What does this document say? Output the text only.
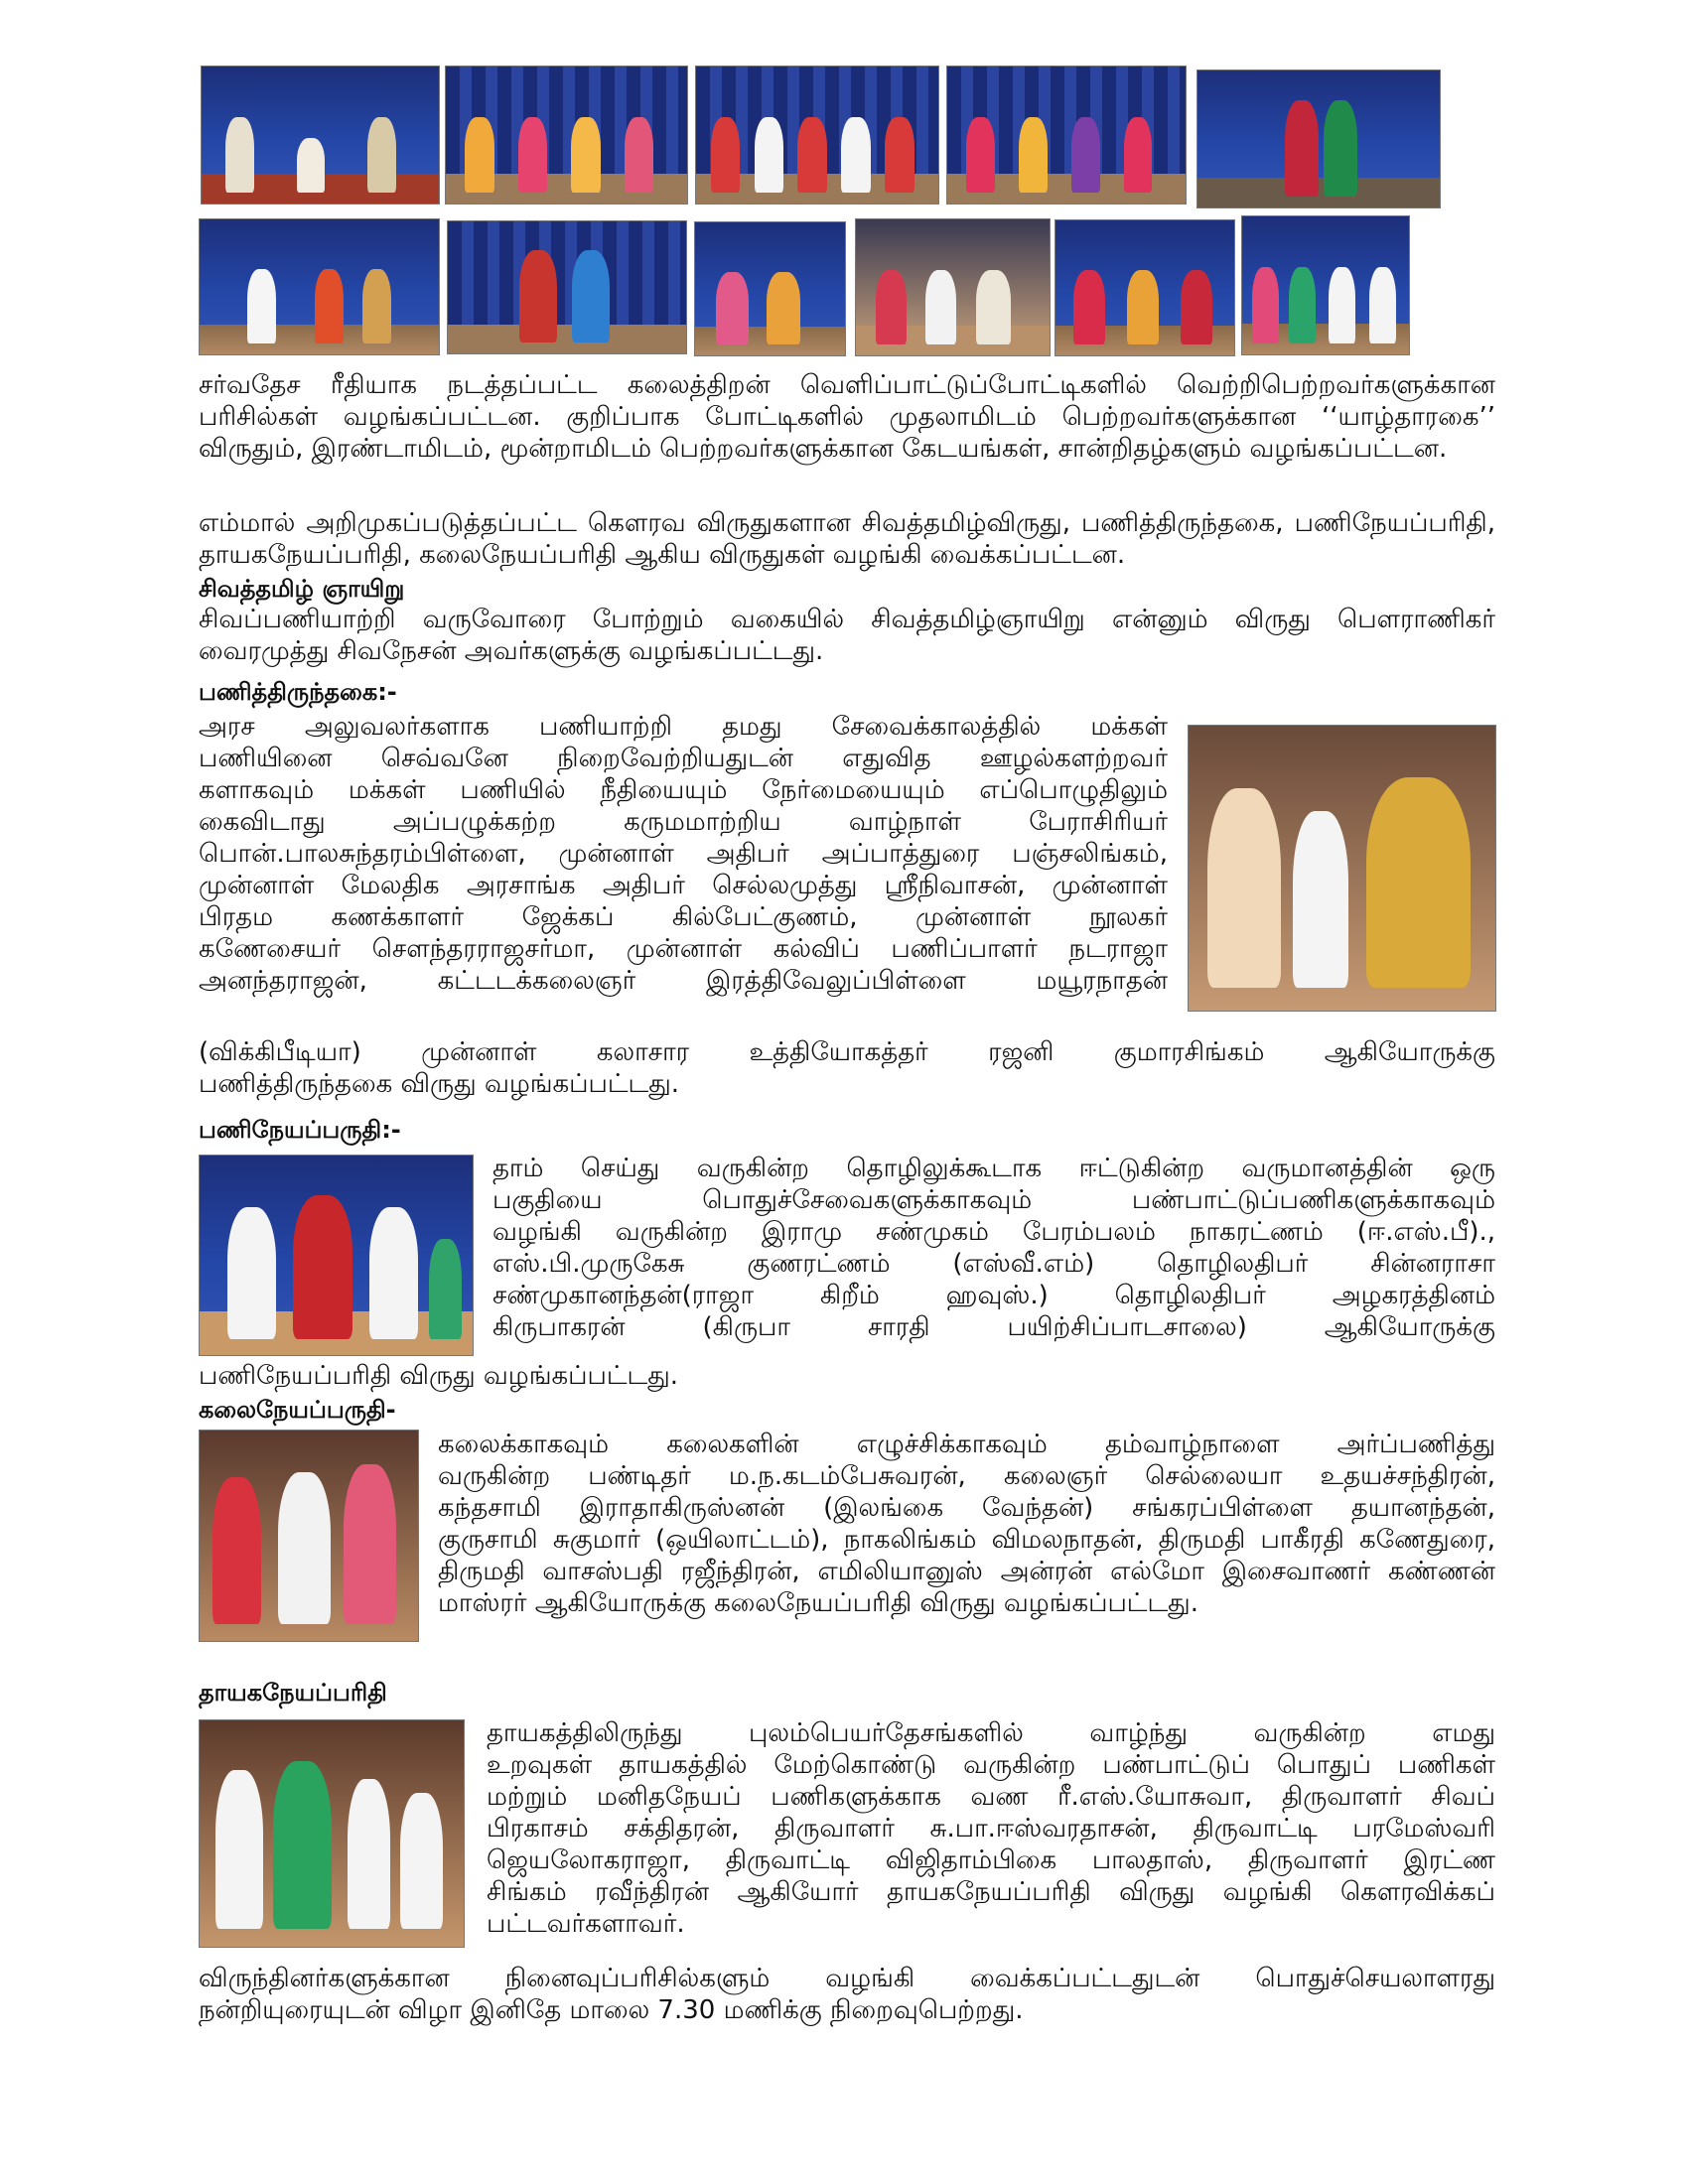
சர்வதேச ரீதியாக நடத்தப்பட்ட கலைத்திறன் வெளிப்பாட்டுப்போட்டிகளில் வெற்றிபெற்றவர்களுக்கான
பரிசில்கள் வழங்கப்பட்டன. குறிப்பாக போட்டிகளில் முதலாமிடம் பெற்றவர்களுக்கான ‘‘யாழ்தாரகை’’
விருதும், இரண்டாமிடம், மூன்றாமிடம் பெற்றவர்களுக்கான கேடயங்கள், சான்றிதழ்களும் வழங்கப்பட்டன.
எம்மால் அறிமுகப்படுத்தப்பட்ட கௌரவ விருதுகளான சிவத்தமிழ்விருது, பணித்திருந்தகை, பணிநேயப்பரிதி,
தாயகநேயப்பரிதி, கலைநேயப்பரிதி ஆகிய விருதுகள் வழங்கி வைக்கப்பட்டன.
சிவத்தமிழ் ஞாயிறு
சிவப்பணியாற்றி வருவோரை போற்றும் வகையில் சிவத்தமிழ்ஞாயிறு என்னும் விருது பௌராணிகர்
வைரமுத்து சிவநேசன் அவர்களுக்கு வழங்கப்பட்டது.
பணித்திருந்தகை:-
அரச அலுவலர்களாக பணியாற்றி தமது சேவைக்காலத்தில் மக்கள்
பணியினை செவ்வனே நிறைவேற்றியதுடன் எதுவித ஊழல்களற்றவர்
களாகவும் மக்கள் பணியில் நீதியையும் நேர்மையையும் எப்பொழுதிலும்
கைவிடாது அப்பழுக்கற்ற கருமமாற்றிய வாழ்நாள் பேராசிரியர்
பொன்.பாலசுந்தரம்பிள்ளை, முன்னாள் அதிபர் அப்பாத்துரை பஞ்சலிங்கம்,
முன்னாள் மேலதிக அரசாங்க அதிபர் செல்லமுத்து ஸ்ரீநிவாசன், முன்னாள்
பிரதம கணக்காளர் ஜேக்கப் கில்பேட்குணம், முன்னாள் நூலகர்
கணேசையர் சௌந்தரராஜசர்மா, முன்னாள் கல்விப் பணிப்பாளர் நடராஜா
அனந்தராஜன், கட்டடக்கலைஞர் இரத்திவேலுப்பிள்ளை மயூரநாதன்
(விக்கிபீடியா) முன்னாள் கலாசார உத்தியோகத்தர் ரஜனி குமாரசிங்கம் ஆகியோருக்கு
பணித்திருந்தகை விருது வழங்கப்பட்டது.
பணிநேயப்பருதி:-
தாம் செய்து வருகின்ற தொழிலுக்கூடாக ஈட்டுகின்ற வருமானத்தின் ஒரு
பகுதியை பொதுச்சேவைகளுக்காகவும் பண்பாட்டுப்பணிகளுக்காகவும்
வழங்கி வருகின்ற இராமு சண்முகம் பேரம்பலம் நாகரட்ணம் (ஈ.எஸ்.பீ).,
எஸ்.பி.முருகேசு குணரட்ணம் (எஸ்வீ.எம்) தொழிலதிபர் சின்னராசா
சண்முகானந்தன்(ராஜா கிறீம் ஹவுஸ்.) தொழிலதிபர் அழகரத்தினம்
கிருபாகரன் (கிருபா சாரதி பயிற்சிப்பாடசாலை) ஆகியோருக்கு
பணிநேயப்பரிதி விருது வழங்கப்பட்டது.
கலைநேயப்பருதி-
கலைக்காகவும் கலைகளின் எழுச்சிக்காகவும் தம்வாழ்நாளை அர்ப்பணித்து
வருகின்ற பண்டிதர் ம.ந.கடம்பேசுவரன், கலைஞர் செல்லையா உதயச்சந்திரன்,
கந்தசாமி இராதாகிருஸ்னன் (இலங்கை வேந்தன்) சங்கரப்பிள்ளை தயானந்தன்,
குருசாமி சுகுமார் (ஒயிலாட்டம்), நாகலிங்கம் விமலநாதன், திருமதி பாகீரதி கணேதுரை,
திருமதி வாசஸ்பதி ரஜீந்திரன், எமிலியானுஸ் அன்ரன் எல்மோ இசைவாணர் கண்ணன்
மாஸ்ரர் ஆகியோருக்கு கலைநேயப்பரிதி விருது வழங்கப்பட்டது.
தாயகநேயப்பரிதி
தாயகத்திலிருந்து புலம்பெயர்தேசங்களில் வாழ்ந்து வருகின்ற எமது
உறவுகள் தாயகத்தில் மேற்கொண்டு வருகின்ற பண்பாட்டுப் பொதுப் பணிகள்
மற்றும் மனிதநேயப் பணிகளுக்காக வண ரீ.எஸ்.யோசுவா, திருவாளர் சிவப்
பிரகாசம் சக்திதரன், திருவாளர் சு.பா.ஈஸ்வரதாசன், திருவாட்டி பரமேஸ்வரி
ஜெயலோகராஜா, திருவாட்டி விஜிதாம்பிகை பாலதாஸ், திருவாளர் இரட்ண
சிங்கம் ரவீந்திரன் ஆகியோர் தாயகநேயப்பரிதி விருது வழங்கி கௌரவிக்கப்
பட்டவர்களாவர்.
விருந்தினர்களுக்கான நினைவுப்பரிசில்களும் வழங்கி வைக்கப்பட்டதுடன் பொதுச்செயலாளரது
நன்றியுரையுடன் விழா இனிதே மாலை 7.30 மணிக்கு நிறைவுபெற்றது.
